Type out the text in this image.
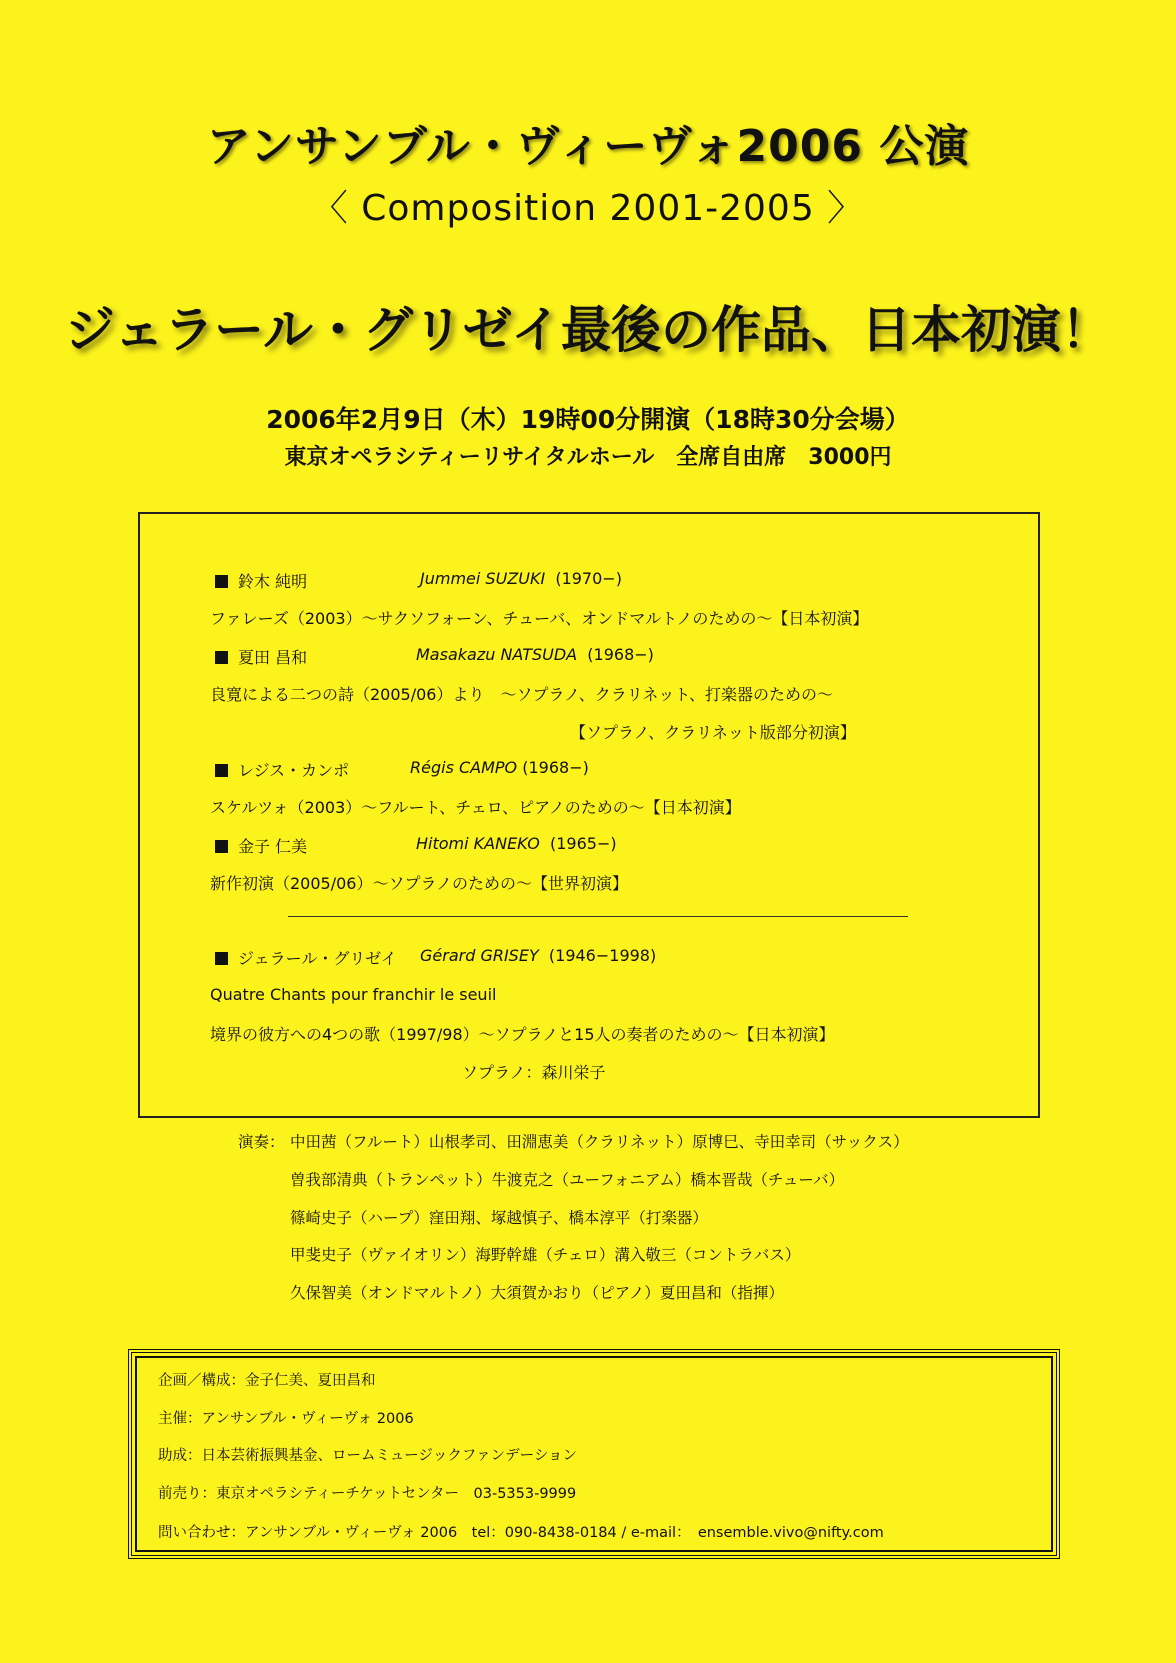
アンサンブル・ヴィーヴォ2006 公演
〈 Composition 2001-2005 〉
ジェラール・グリゼイ最後の作品、日本初演！
2006年2月9日（木）19時00分開演（18時30分会場）
東京オペラシティーリサイタルホール　全席自由席　3000円
鈴木 純明	Jummei SUZUKI (1970−)
ファレーズ（2003）〜サクソフォーン、チューバ、オンドマルトノのための〜【日本初演】
夏田 昌和	Masakazu NATSUDA (1968−)
良寛による二つの詩（2005/06）より　〜ソプラノ、クラリネット、打楽器のための〜
【ソプラノ、クラリネット版部分初演】
レジス・カンポ	Régis CAMPO (1968−)
スケルツォ（2003）〜フルート、チェロ、ピアノのための〜【日本初演】
金子 仁美	Hitomi KANEKO (1965−)
新作初演（2005/06）〜ソプラノのための〜【世界初演】
ジェラール・グリゼイ Gérard GRISEY (1946−1998)
Quatre Chants pour franchir le seuil
境界の彼方への4つの歌（1997/98）〜ソプラノと15人の奏者のための〜【日本初演】
ソプラノ：森川栄子
演奏： 中田茜（フルート）山根孝司、田淵恵美（クラリネット）原博巳、寺田幸司（サックス）
曽我部清典（トランペット）牛渡克之（ユーフォニアム）橋本晋哉（チューバ）
篠崎史子（ハープ）窪田翔、塚越慎子、橋本淳平（打楽器）
甲斐史子（ヴァイオリン）海野幹雄（チェロ）溝入敬三（コントラバス）
久保智美（オンドマルトノ）大須賀かおり（ピアノ）夏田昌和（指揮）
企画／構成：金子仁美、夏田昌和
主催：アンサンブル・ヴィーヴォ 2006
助成：日本芸術振興基金、ロームミュージックファンデーション
前売り：東京オペラシティーチケットセンター　03-5353-9999
問い合わせ：アンサンブル・ヴィーヴォ 2006　tel：090-8438-0184 / e-mail：　ensemble.vivo@nifty.com
